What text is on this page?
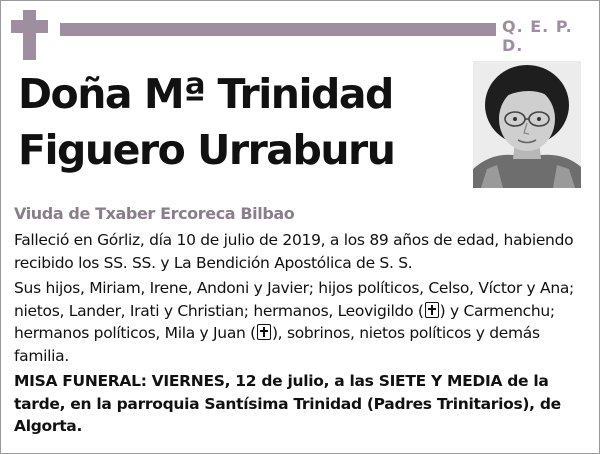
Q. E. P. D.
Doña Mª Trinidad
Figuero Urraburu
Viuda de Txaber Ercoreca Bilbao

Falleció en Górliz, día 10 de julio de 2019, a los 89 años de edad, habiendo recibido los SS. SS. y La Bendición Apostólica de S. S.

Sus hijos, Miriam, Irene, Andoni y Javier; hijos políticos, Celso, Víctor y Ana; nietos, Lander, Irati y Christian; hermanos, Leovigildo ( ) y Carmenchu; hermanos políticos, Mila y Juan ( ), sobrinos, nietos políticos y demás familia.

MISA FUNERAL: VIERNES, 12 de julio, a las SIETE Y MEDIA de la tarde, en la parroquia Santísima Trinidad (Padres Trinitarios), de Algorta.
